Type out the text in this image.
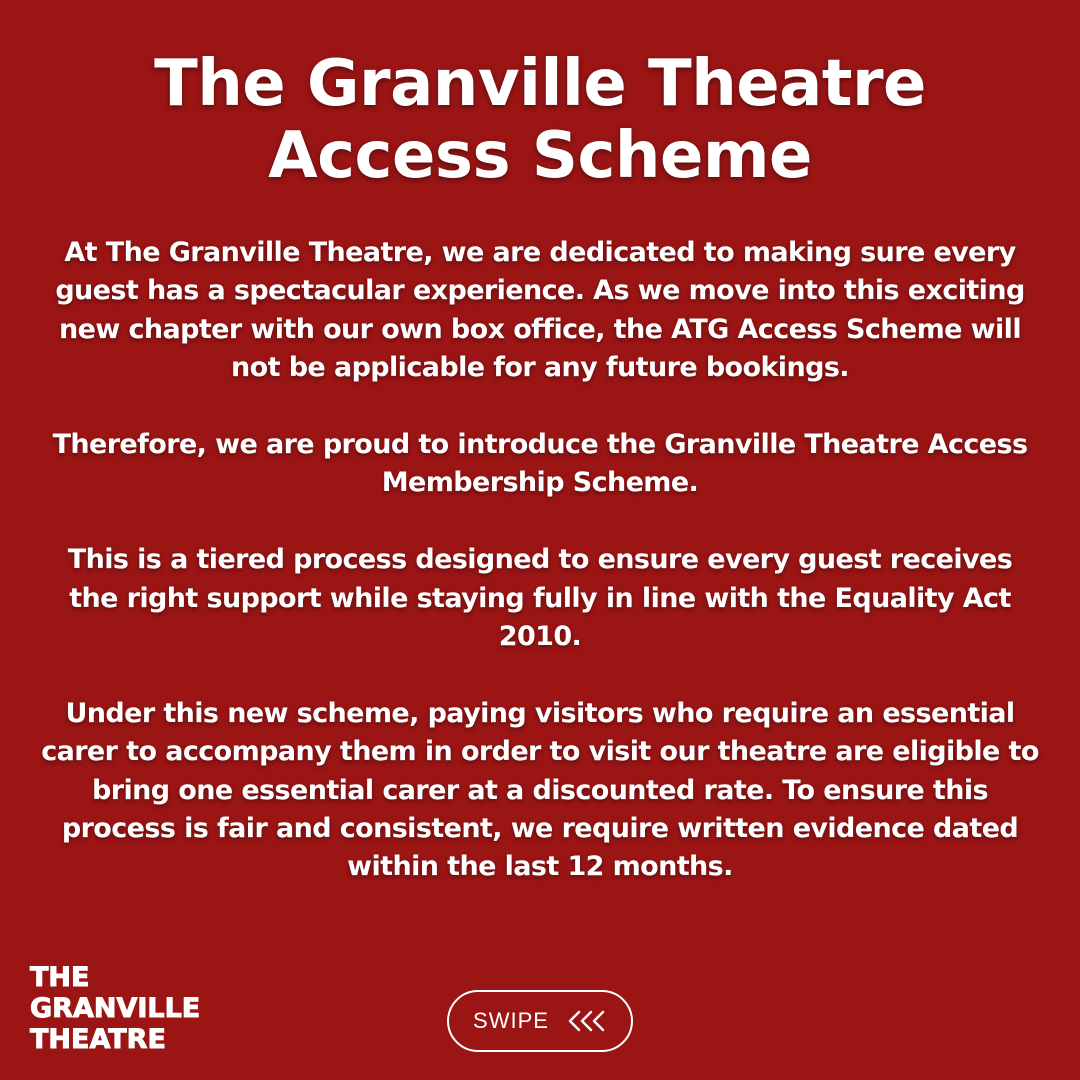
The Granville Theatre
Access Scheme

At The Granville Theatre, we are dedicated to making sure every guest has a spectacular experience. As we move into this exciting new chapter with our own box office, the ATG Access Scheme will not be applicable for any future bookings.

Therefore, we are proud to introduce the Granville Theatre Access Membership Scheme.

This is a tiered process designed to ensure every guest receives the right support while staying fully in line with the Equality Act 2010.

Under this new scheme, paying visitors who require an essential carer to accompany them in order to visit our theatre are eligible to bring one essential carer at a discounted rate. To ensure this process is fair and consistent, we require written evidence dated within the last 12 months.

THE
GRANVILLE
THEATRE
SWIPE
